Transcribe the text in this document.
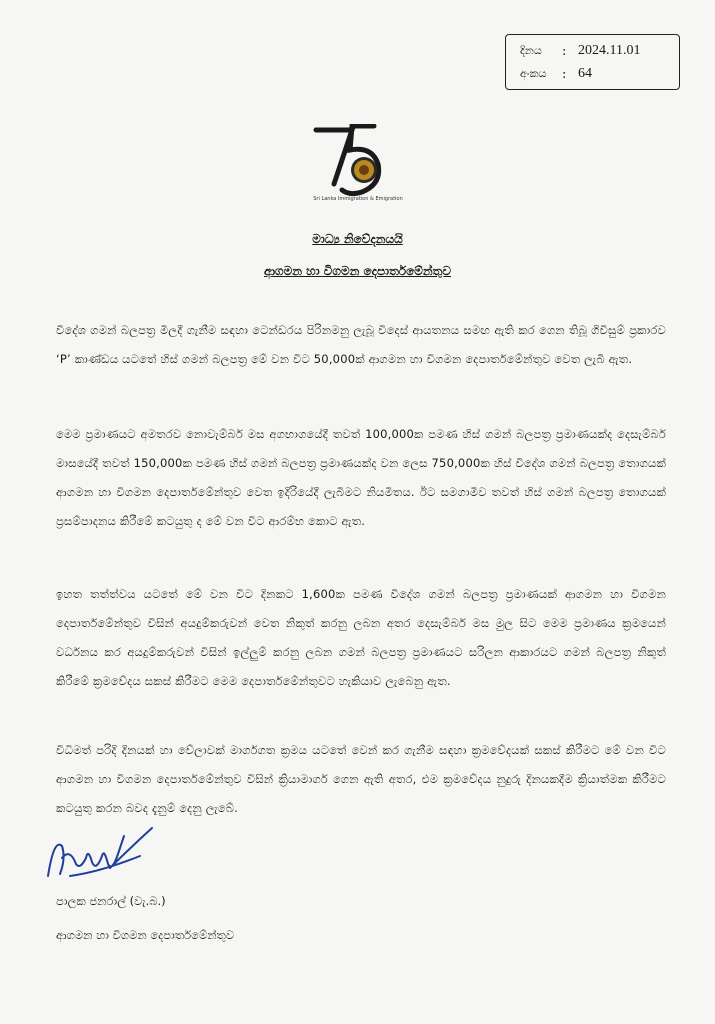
දිනය	: 2024.11.01
අංකය	: 64
Sri Lanka Immigration & Emigration
මාධ්‍ය නිවේදනයයි
ආගමන හා විගමන දෙපාර්තමේන්තුව

විදේශ ගමන් බලපත්‍ර මිලදී ගැනීම සඳහා ටෙන්ඩරය පිරිනමනු ලැබූ විදෙස් ආයතනය සමඟ ඇති කර ගෙන තිබූ ගිවිසුම් ප්‍රකාරව ‘P’ කාණ්ඩය යටතේ හිස් ගමන් බලපත්‍ර මේ වන විට 50,000ක් ආගමන හා විගමන දෙපාර්තමේන්තුව වෙත ලැබී ඇත.

මෙම ප්‍රමාණයට අමතරව නොවැම්බර් මස අගභාගයේදී තවත් 100,000ක පමණ හිස් ගමන් බලපත්‍ර ප්‍රමාණයක්ද දෙසැම්බර් මාසයේදී තවත් 150,000ක පමණ හිස් ගමන් බලපත්‍ර ප්‍රමාණයක්ද වන ලෙස 750,000ක හිස් විදේශ ගමන් බලපත්‍ර තොගයක් ආගමන හා විගමන දෙපාර්තමේන්තුව වෙත ඉදිරියේදී ලැබීමට නියමිතය. ඊට සමගාමීව තවත් හිස් ගමන් බලපත්‍ර තොගයක් ප්‍රසම්පාදනය කිරීමේ කටයුතු ද මේ වන විට ආරම්භ කොට ඇත.

ඉහත තත්ත්වය යටතේ මේ වන විට දිනකට 1,600ක පමණ විදේශ ගමන් බලපත්‍ර ප්‍රමාණයක් ආගමන හා විගමන දෙපාර්තමේන්තුව විසින් අයදුම්කරුවන් වෙත නිකුත් කරනු ලබන අතර දෙසැම්බර් මස මුල සිට මෙම ප්‍රමාණය ක්‍රමයෙන් වර්ධනය කර අයදුම්කරුවන් විසින් ඉල්ලුම් කරනු ලබන ගමන් බලපත්‍ර ප්‍රමාණයට සරිලන ආකාරයට ගමන් බලපත්‍ර නිකුත් කිරීමේ ක්‍රමවේදය සකස් කිරීමට මෙම දෙපාර්තමේන්තුවට හැකියාව ලැබෙනු ඇත.

විධිමත් පරිදි දිනයක් හා වේලාවක් මාර්ගගත ක්‍රමය යටතේ වෙන් කර ගැනීම සඳහා ක්‍රමවේදයක් සකස් කිරීමට මේ වන විට ආගමන හා විගමන දෙපාර්තමේන්තුව විසින් ක්‍රියාමාර්ග ගෙන ඇති අතර, එම ක්‍රමවේදය නුදුරු දිනයකදීම ක්‍රියාත්මක කිරීමට කටයුතු කරන බවද දැනුම් දෙනු ලැබේ.

පාලක ජනරාල් (වැ.බ.)
ආගමන හා විගමන දෙපාර්තමේන්තුව
